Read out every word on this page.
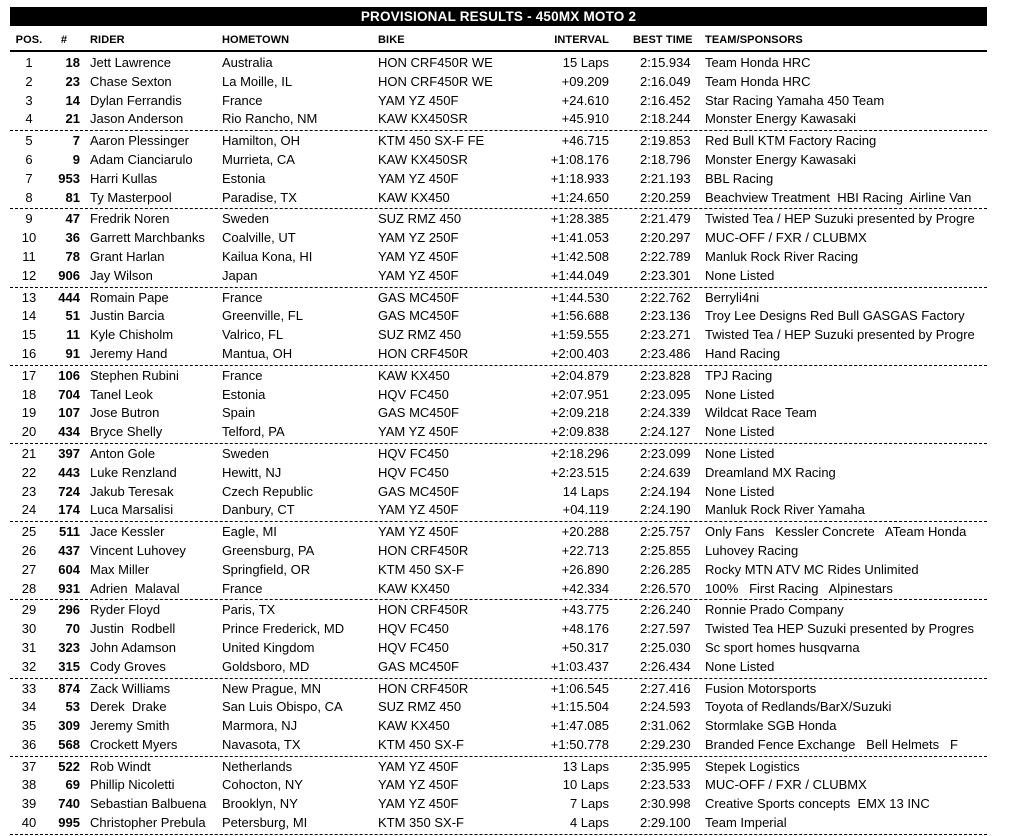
PROVISIONAL RESULTS - 450MX MOTO 2
POS.	#	RIDER	HOMETOWN	BIKE	INTERVAL	BEST TIME	TEAM/SPONSORS
1	18 Jett Lawrence	Australia	HON CRF450R WE	15 Laps	2:15.934	Team Honda HRC
2	23 Chase Sexton	La Moille, IL	HON CRF450R WE	+09.209	2:16.049	Team Honda HRC
3	14 Dylan Ferrandis	France	YAM YZ 450F	+24.610	2:16.452	Star Racing Yamaha 450 Team
4	21 Jason Anderson	Rio Rancho, NM	KAW KX450SR	+45.910	2:18.244	Monster Energy Kawasaki
5	7 Aaron Plessinger	Hamilton, OH	KTM 450 SX-F FE	+46.715	2:19.853	Red Bull KTM Factory Racing
6	9 Adam Cianciarulo	Murrieta, CA	KAW KX450SR	+1:08.176	2:18.796	Monster Energy Kawasaki
7	953 Harri Kullas	Estonia	YAM YZ 450F	+1:18.933	2:21.193	BBL Racing
8	81 Ty Masterpool	Paradise, TX	KAW KX450	+1:24.650	2:20.259	Beachview Treatment  HBI Racing  Airline Van
9	47 Fredrik Noren	Sweden	SUZ RMZ 450	+1:28.385	2:21.479	Twisted Tea / HEP Suzuki presented by Progre
10	36 Garrett Marchbanks	Coalville, UT	YAM YZ 250F	+1:41.053	2:20.297	MUC-OFF / FXR / CLUBMX
11	78 Grant Harlan	Kailua Kona, HI	YAM YZ 450F	+1:42.508	2:22.789	Manluk Rock River Racing
12	906 Jay Wilson	Japan	YAM YZ 450F	+1:44.049	2:23.301	None Listed
13	444 Romain Pape	France	GAS MC450F	+1:44.530	2:22.762	Berryli4ni
14	51 Justin Barcia	Greenville, FL	GAS MC450F	+1:56.688	2:23.136	Troy Lee Designs Red Bull GASGAS Factory
15	11 Kyle Chisholm	Valrico, FL	SUZ RMZ 450	+1:59.555	2:23.271	Twisted Tea / HEP Suzuki presented by Progre
16	91 Jeremy Hand	Mantua, OH	HON CRF450R	+2:00.403	2:23.486	Hand Racing
17	106 Stephen Rubini	France	KAW KX450	+2:04.879	2:23.828	TPJ Racing
18	704 Tanel Leok	Estonia	HQV FC450	+2:07.951	2:23.095	None Listed
19	107 Jose Butron	Spain	GAS MC450F	+2:09.218	2:24.339	Wildcat Race Team
20	434 Bryce Shelly	Telford, PA	YAM YZ 450F	+2:09.838	2:24.127	None Listed
21	397 Anton Gole	Sweden	HQV FC450	+2:18.296	2:23.099	None Listed
22	443 Luke Renzland	Hewitt, NJ	HQV FC450	+2:23.515	2:24.639	Dreamland MX Racing
23	724 Jakub Teresak	Czech Republic	GAS MC450F	14 Laps	2:24.194	None Listed
24	174 Luca Marsalisi	Danbury, CT	YAM YZ 450F	+04.119	2:24.190	Manluk Rock River Yamaha
25	511 Jace Kessler	Eagle, MI	YAM YZ 450F	+20.288	2:25.757	Only Fans   Kessler Concrete   ATeam Honda
26	437 Vincent Luhovey	Greensburg, PA	HON CRF450R	+22.713	2:25.855	Luhovey Racing
27	604 Max Miller	Springfield, OR	KTM 450 SX-F	+26.890	2:26.285	Rocky MTN ATV MC Rides Unlimited
28	931 Adrien  Malaval	France	KAW KX450	+42.334	2:26.570	100%   First Racing   Alpinestars
29	296 Ryder Floyd	Paris, TX	HON CRF450R	+43.775	2:26.240	Ronnie Prado Company
30	70 Justin  Rodbell	Prince Frederick, MD	HQV FC450	+48.176	2:27.597	Twisted Tea HEP Suzuki presented by Progres
31	323 John Adamson	United Kingdom	HQV FC450	+50.317	2:25.030	Sc sport homes husqvarna
32	315 Cody Groves	Goldsboro, MD	GAS MC450F	+1:03.437	2:26.434	None Listed
33	874 Zack Williams	New Prague, MN	HON CRF450R	+1:06.545	2:27.416	Fusion Motorsports
34	53 Derek  Drake	San Luis Obispo, CA	SUZ RMZ 450	+1:15.504	2:24.593	Toyota of Redlands/BarX/Suzuki
35	309 Jeremy Smith	Marmora, NJ	KAW KX450	+1:47.085	2:31.062	Stormlake SGB Honda
36	568 Crockett Myers	Navasota, TX	KTM 450 SX-F	+1:50.778	2:29.230	Branded Fence Exchange   Bell Helmets   F
37	522 Rob Windt	Netherlands	YAM YZ 450F	13 Laps	2:35.995	Stepek Logistics
38	69 Phillip Nicoletti	Cohocton, NY	YAM YZ 450F	10 Laps	2:23.533	MUC-OFF / FXR / CLUBMX
39	740 Sebastian Balbuena	Brooklyn, NY	YAM YZ 450F	7 Laps	2:30.998	Creative Sports concepts  EMX 13 INC
40	995 Christopher Prebula	Petersburg, MI	KTM 350 SX-F	4 Laps	2:29.100	Team Imperial
